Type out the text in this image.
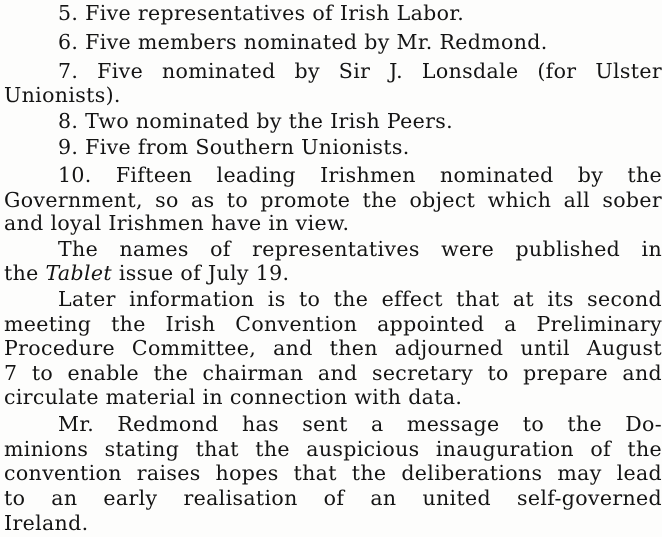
5. Five representatives of Irish Labor.
6. Five members nominated by Mr. Redmond.
7. Five nominated by Sir J. Lonsdale (for Ulster
Unionists).
8. Two nominated by the Irish Peers.
9. Five from Southern Unionists.
10. Fifteen leading Irishmen nominated by the
Government, so as to promote the object which all sober
and loyal Irishmen have in view.
The names of representatives were published in
the Tablet issue of July 19.
Later information is to the effect that at its second
meeting the Irish Convention appointed a Preliminary
Procedure Committee, and then adjourned until August
7 to enable the chairman and secretary to prepare and
circulate material in connection with data.
Mr. Redmond has sent a message to the Do-
minions stating that the auspicious inauguration of the
convention raises hopes that the deliberations may lead
to an early realisation of an united self-governed
Ireland.
